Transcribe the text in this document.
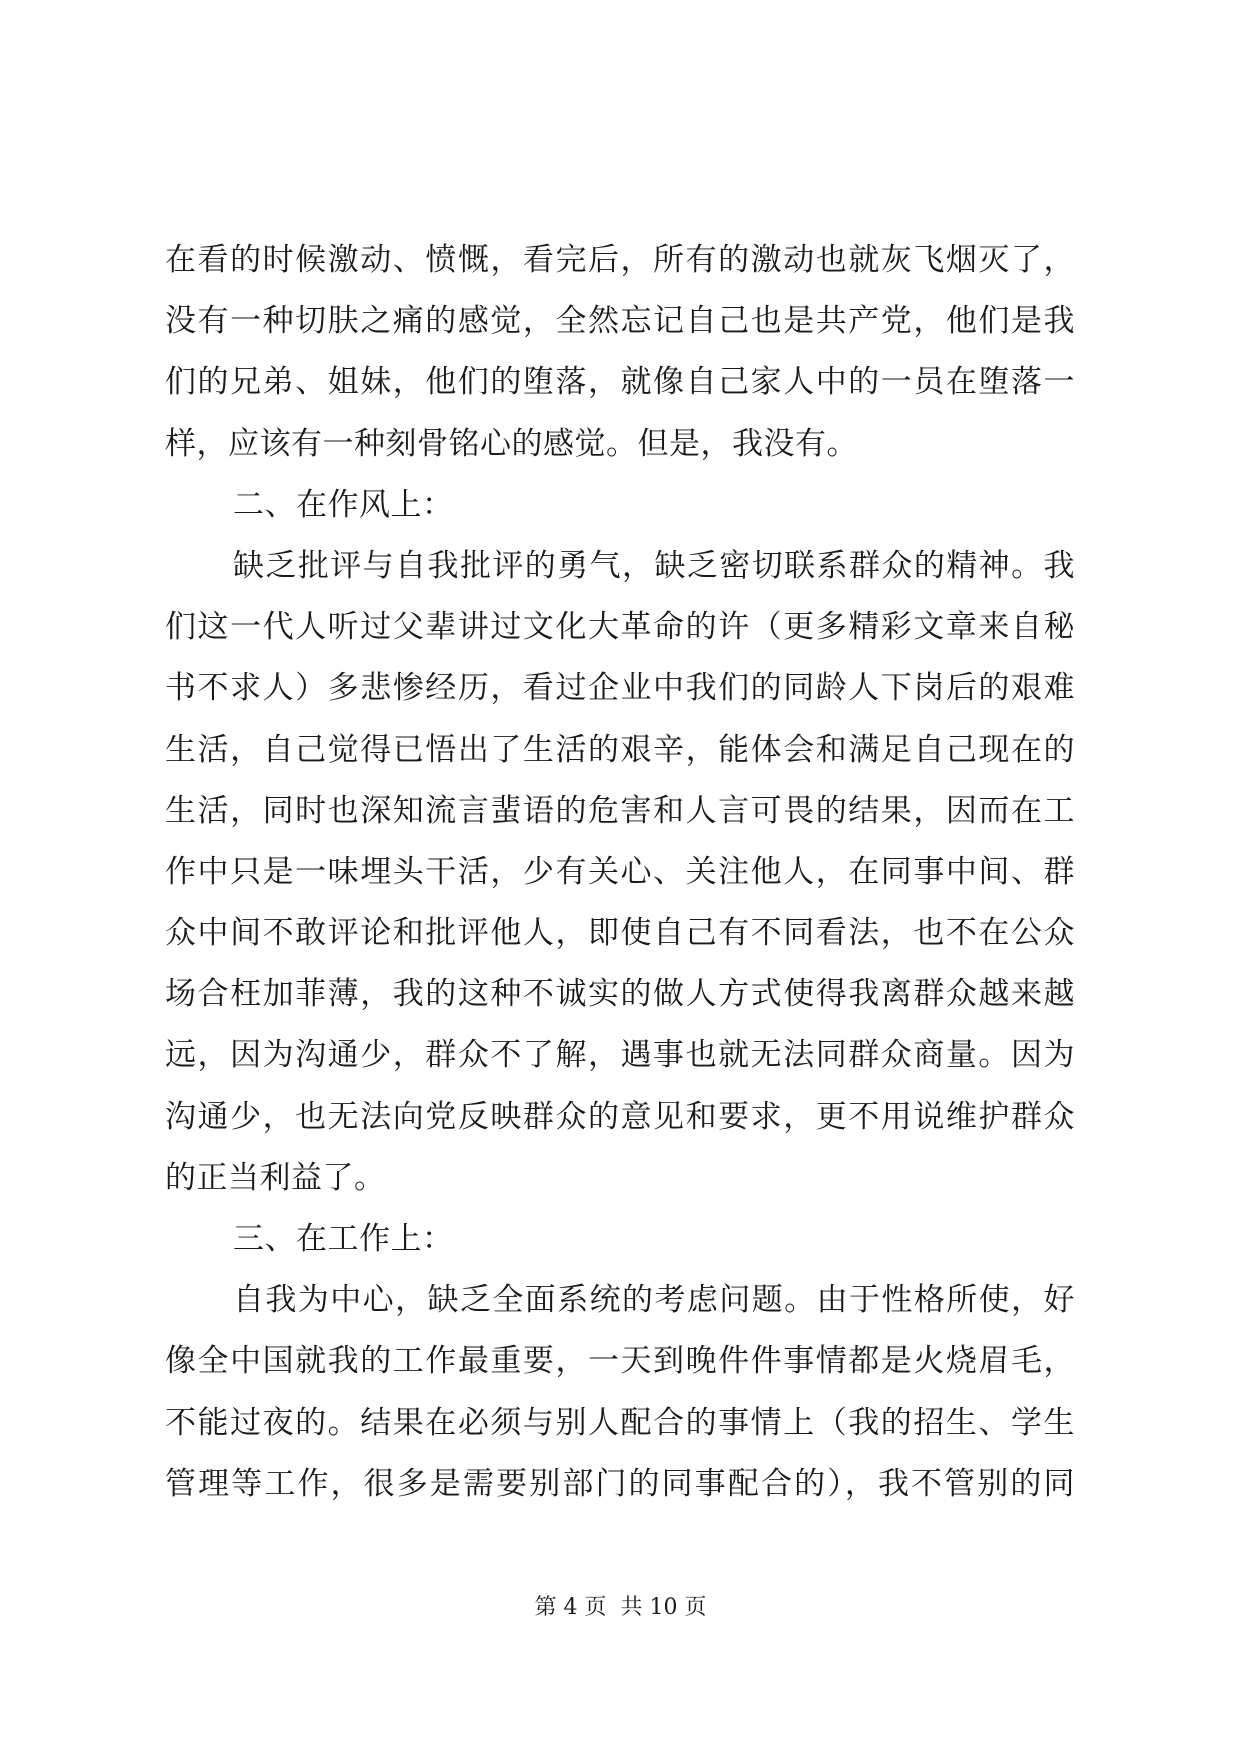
在看的时候激动、愤慨，看完后，所有的激动也就灰飞烟灭了，
没有一种切肤之痛的感觉，全然忘记自己也是共产党，他们是我
们的兄弟、姐妹，他们的堕落，就像自己家人中的一员在堕落一
样，应该有一种刻骨铭心的感觉。但是，我没有。
二、在作风上：
缺乏批评与自我批评的勇气，缺乏密切联系群众的精神。我
们这一代人听过父辈讲过文化大革命的许（更多精彩文章来自秘
书不求人）多悲惨经历，看过企业中我们的同龄人下岗后的艰难
生活，自己觉得已悟出了生活的艰辛，能体会和满足自己现在的
生活，同时也深知流言蜚语的危害和人言可畏的结果，因而在工
作中只是一味埋头干活，少有关心、关注他人，在同事中间、群
众中间不敢评论和批评他人，即使自己有不同看法，也不在公众
场合枉加菲薄，我的这种不诚实的做人方式使得我离群众越来越
远，因为沟通少，群众不了解，遇事也就无法同群众商量。因为
沟通少，也无法向党反映群众的意见和要求，更不用说维护群众
的正当利益了。
三、在工作上：
自我为中心，缺乏全面系统的考虑问题。由于性格所使，好
像全中国就我的工作最重要，一天到晚件件事情都是火烧眉毛，
不能过夜的。结果在必须与别人配合的事情上（我的招生、学生
管理等工作，很多是需要别部门的同事配合的），我不管别的同
第 4 页 共 10 页
